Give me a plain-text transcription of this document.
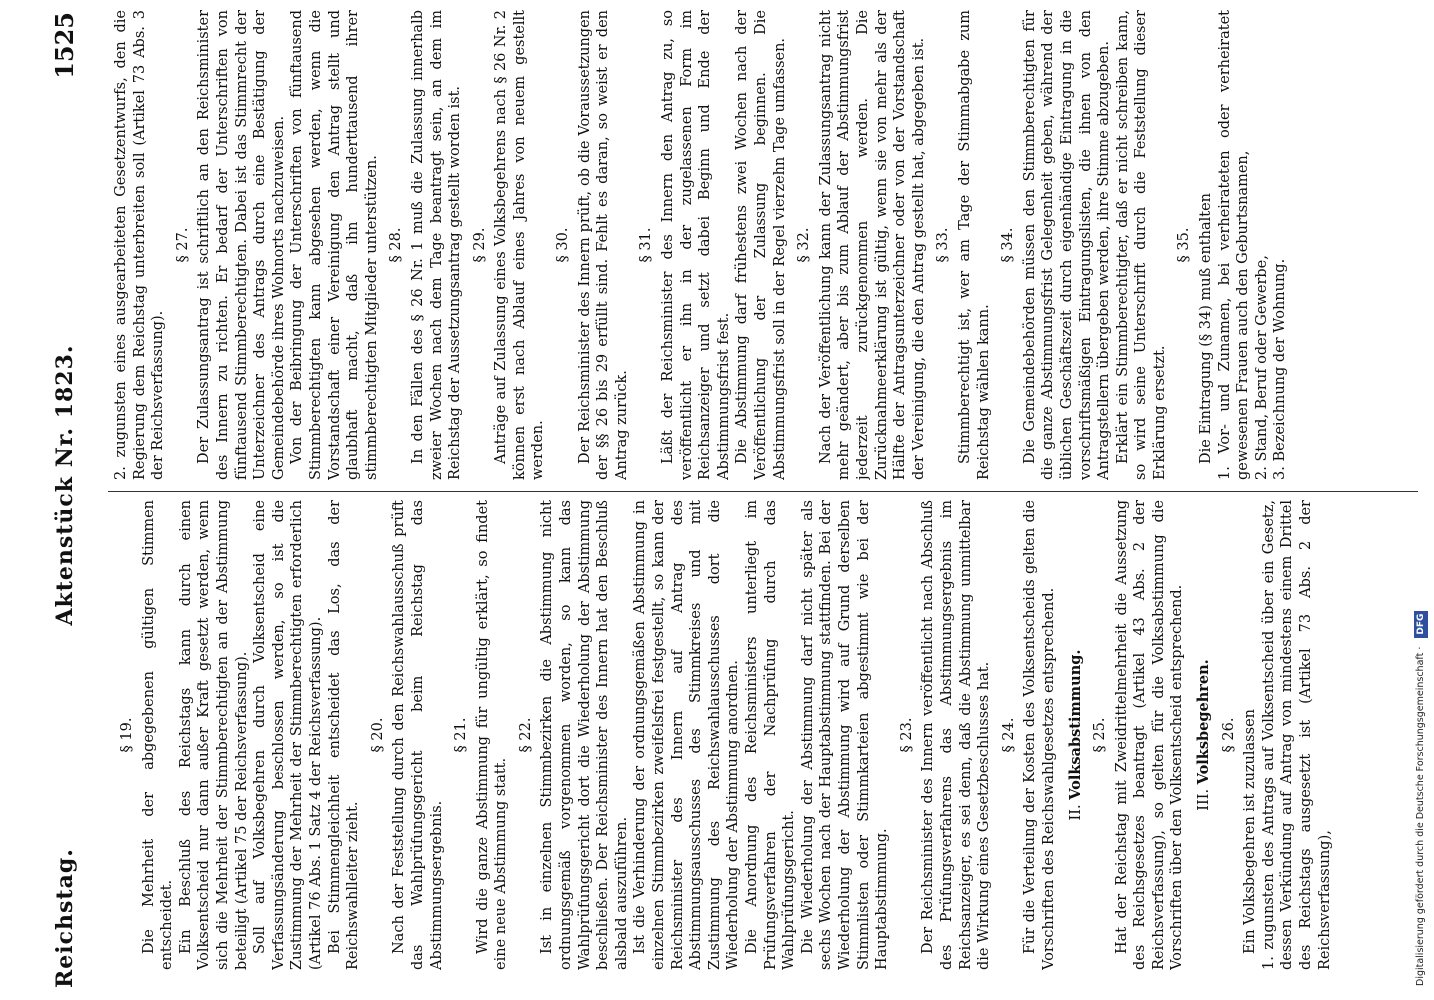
Reichstag.
Aktenstück Nr. 1823.
1525
§ 19. Die Mehrheit der abgegebenen gültigen Stimmen entscheidet. Ein Beschluß des Reichstags kann durch einen Volksentscheid nur dann außer Kraft gesetzt werden, wenn sich die Mehrheit der Stimmberechtigten an der Abstimmung beteiligt (Artikel 75 der Reichsverfassung). Soll auf Volksbegehren durch Volksentscheid eine Verfassungsänderung beschlossen werden, so ist die Zustimmung der Mehrheit der Stimmberechtigten erforderlich (Artikel 76 Abs. 1 Satz 4 der Reichsverfassung). Bei Stimmengleichheit entscheidet das Los, das der Reichswahlleiter zieht.

§ 20. Nach der Feststellung durch den Reichswahlausschuß prüft das Wahlprüfungsgericht beim Reichstag das Abstimmungsergebnis.

§ 21. Wird die ganze Abstimmung für ungültig erklärt, so findet eine neue Abstimmung statt.

§ 22. Ist in einzelnen Stimmbezirken die Abstimmung nicht ordnungsgemäß vorgenommen worden, so kann das Wahlprüfungsgericht dort die Wiederholung der Abstimmung beschließen. Der Reichsminister des Innern hat den Beschluß alsbald auszuführen. Ist die Verhinderung der ordnungsgemäßen Abstimmung in einzelnen Stimmbezirken zweifelsfrei festgestellt, so kann der Reichsminister des Innern auf Antrag des Abstimmungsausschusses des Stimmkreises und mit Zustimmung des Reichswahlausschusses dort die Wiederholung der Abstimmung anordnen. Die Anordnung des Reichsministers unterliegt im Prüfungsverfahren der Nachprüfung durch das Wahlprüfungsgericht. Die Wiederholung der Abstimmung darf nicht später als sechs Wochen nach der Hauptabstimmung stattfinden. Bei der Wiederholung der Abstimmung wird auf Grund derselben Stimmlisten oder Stimmkarteien abgestimmt wie bei der Hauptabstimmung.

§ 23. Der Reichsminister des Innern veröffentlicht nach Abschluß des Prüfungsverfahrens das Abstimmungsergebnis im Reichsanzeiger, es sei denn, daß die Abstimmung unmittelbar die Wirkung eines Gesetzbeschlusses hat. § 24. Für die Verteilung der Kosten des Volksentscheids gelten die Vorschriften des Reichswahlgesetzes entsprechend. II. Volksabstimmung. § 25. Hat der Reichstag mit Zweidrittelmehrheit die Aussetzung des Reichsgesetzes beantragt (Artikel 43 Abs. 2 der Reichsverfassung), so gelten für die Volksabstimmung die Vorschriften über den Volksentscheid entsprechend. III. Volksbegehren. § 26. Ein Volksbegehren ist zuzulassen 1. zugunsten des Antrags auf Volksentscheid über ein Gesetz, dessen Verkündung auf Antrag von mindestens einem Drittel des Reichstags ausgesetzt ist (Artikel 73 Abs. 2 der Reichsverfassung),

2. zugunsten eines ausgearbeiteten Gesetzentwurfs, den die Regierung dem Reichstag unterbreiten soll (Artikel 73 Abs. 3 der Reichsverfassung).

§ 27. Der Zulassungsantrag ist schriftlich an den Reichsminister des Innern zu richten. Er bedarf der Unterschriften von fünftausend Stimmberechtigten. Dabei ist das Stimmrecht der Unterzeichner des Antrags durch eine Bestätigung der Gemeindebehörde ihres Wohnorts nachzuweisen. Von der Beibringung der Unterschriften von fünftausend Stimmberechtigten kann abgesehen werden, wenn die Vorstandschaft einer Vereinigung den Antrag stellt und glaubhaft macht, daß ihn hunderttausend ihrer stimmberechtigten Mitglieder unterstützen. § 28. In den Fällen des § 26 Nr. 1 muß die Zulassung innerhalb zweier Wochen nach dem Tage beantragt sein, an dem im Reichstag der Aussetzungsantrag gestellt worden ist. § 29. Anträge auf Zulassung eines Volksbegehrens nach § 26 Nr. 2 können erst nach Ablauf eines Jahres von neuem gestellt werden.

§ 30. Der Reichsminister des Innern prüft, ob die Voraussetzungen der §§ 26 bis 29 erfüllt sind. Fehlt es daran, so weist er den Antrag zurück.

§ 31. Läßt der Reichsminister des Innern den Antrag zu, so veröffentlicht er ihn in der zugelassenen Form im Reichsanzeiger und setzt dabei Beginn und Ende der Abstimmungsfrist fest. Die Abstimmung darf frühestens zwei Wochen nach der Veröffentlichung der Zulassung beginnen. Die Abstimmungsfrist soll in der Regel vierzehn Tage umfassen. § 32. Nach der Veröffentlichung kann der Zulassungsantrag nicht mehr geändert, aber bis zum Ablauf der Abstimmungsfrist jederzeit zurückgenommen werden. Die Zurücknahmeerklärung ist gültig, wenn sie von mehr als der Hälfte der Antragsunterzeichner oder von der Vorstandschaft der Vereinigung, die den Antrag gestellt hat, abgegeben ist. § 33. Stimmberechtigt ist, wer am Tage der Stimmabgabe zum Reichstag wählen kann.

§ 34. Die Gemeindebehörden müssen den Stimmberechtigten für die ganze Abstimmungsfrist Gelegenheit geben, während der üblichen Geschäftszeit durch eigenhändige Eintragung in die vorschriftsmäßigen Eintragungslisten, die ihnen von den Antragstellern übergeben werden, ihre Stimme abzugeben. Erklärt ein Stimmberechtigter, daß er nicht schreiben kann, so wird seine Unterschrift durch die Feststellung dieser Erklärung ersetzt.

§ 35. Die Eintragung (§ 34) muß enthalten 1. Vor- und Zunamen, bei verheirateten oder verheiratet gewesenen Frauen auch den Geburtsnamen, 2. Stand, Beruf oder Gewerbe, 3. Bezeichnung der Wohnung.

Digitalisierung gefördert durch die Deutsche Forschungsgemeinschaft · DFG
